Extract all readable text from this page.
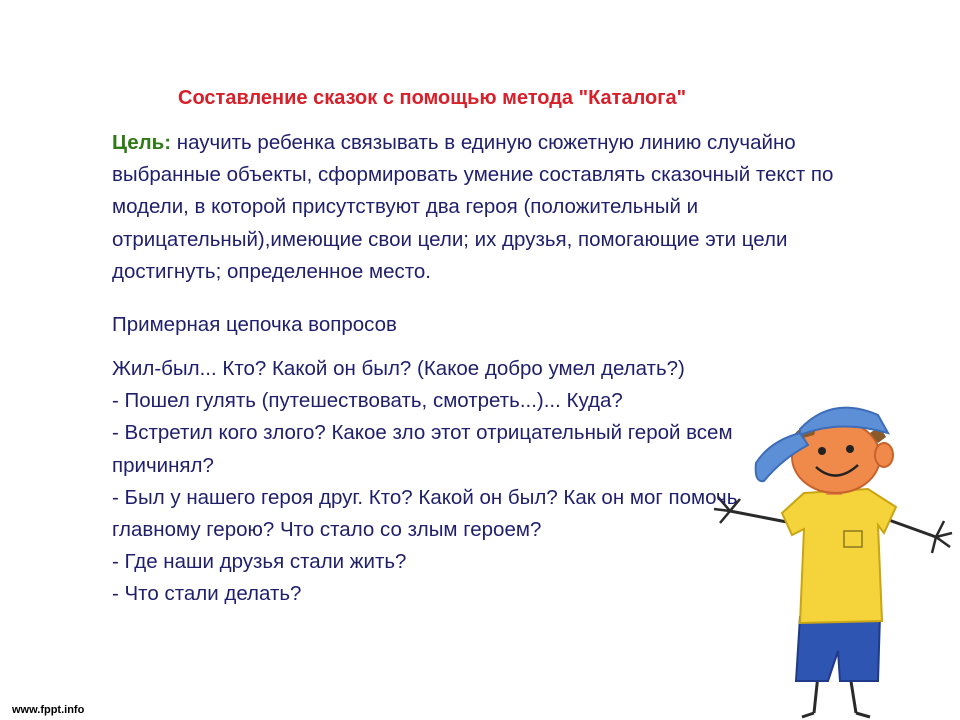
Составление сказок с помощью метода "Каталога"
Цель: научить ребенка связывать в единую сюжетную линию случайно выбранные объекты, сформировать умение составлять сказочный текст по модели, в которой присутствуют два героя (положительный и отрицательный),имеющие свои цели; их друзья, помогающие эти цели достигнуть; определенное место.
Примерная цепочка вопросов
Жил-был... Кто? Какой он был? (Какое добро умел делать?)
- Пошел гулять (путешествовать, смотреть...)... Куда?
- Встретил кого злого? Какое зло этот отрицательный герой всем
причинял?
- Был у нашего героя друг. Кто? Какой он был? Как он мог помочь
главному герою? Что стало со злым героем?
- Где наши друзья стали жить?
- Что стали делать?
www.fppt.info
